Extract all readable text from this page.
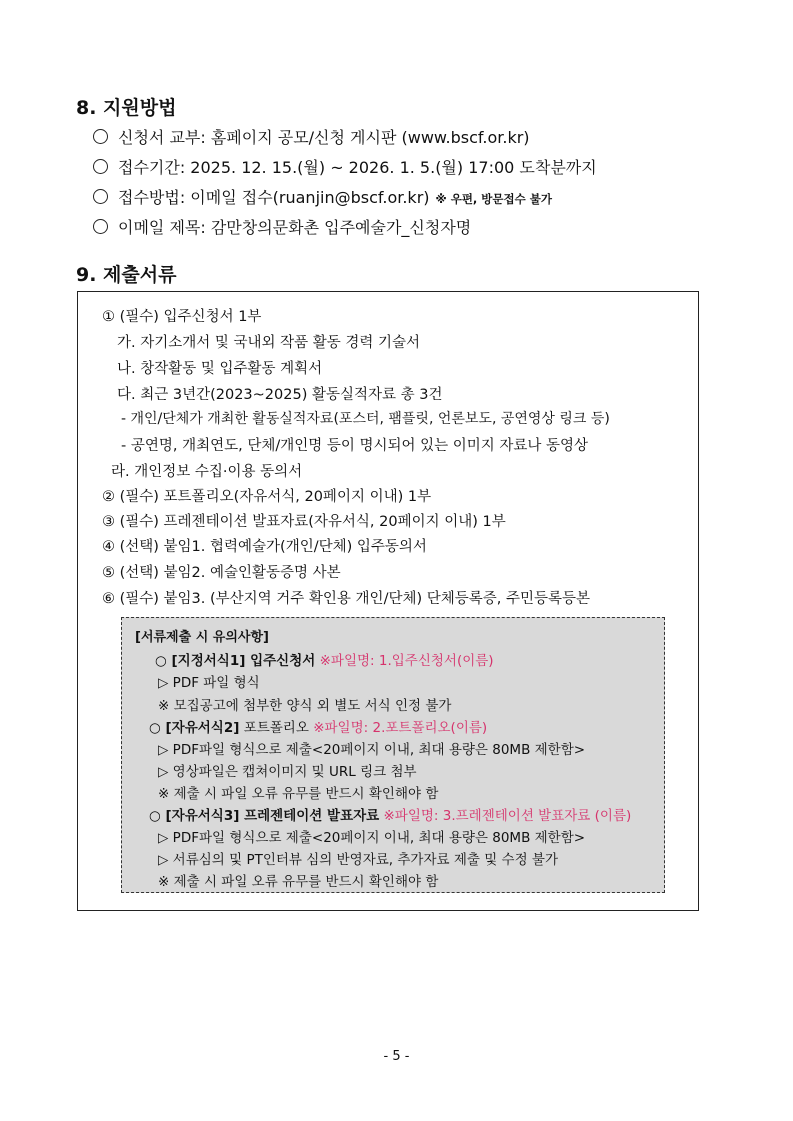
8. 지원방법
신청서 교부: 홈페이지 공모/신청 게시판 (www.bscf.or.kr)
접수기간: 2025. 12. 15.(월) ~ 2026. 1. 5.(월) 17:00 도착분까지
접수방법: 이메일 접수(ruanjin@bscf.or.kr) ※ 우편, 방문접수 불가
이메일 제목: 감만창의문화촌 입주예술가_신청자명
9. 제출서류
① (필수) 입주신청서 1부
가. 자기소개서 및 국내외 작품 활동 경력 기술서
나. 창작활동 및 입주활동 계획서
다. 최근 3년간(2023~2025) 활동실적자료 총 3건
- 개인/단체가 개최한 활동실적자료(포스터, 팸플릿, 언론보도, 공연영상 링크 등)
- 공연명, 개최연도, 단체/개인명 등이 명시되어 있는 이미지 자료나 동영상
라. 개인정보 수집·이용 동의서
② (필수) 포트폴리오(자유서식, 20페이지 이내) 1부
③ (필수) 프레젠테이션 발표자료(자유서식, 20페이지 이내) 1부
④ (선택) 붙임1. 협력예술가(개인/단체) 입주동의서
⑤ (선택) 붙임2. 예술인활동증명 사본
⑥ (필수) 붙임3. (부산지역 거주 확인용 개인/단체) 단체등록증, 주민등록등본
[서류제출 시 유의사항]
○ [지정서식1] 입주신청서 ※파일명: 1.입주신청서(이름)
▷ PDF 파일 형식
※ 모집공고에 첨부한 양식 외 별도 서식 인정 불가
○ [자유서식2] 포트폴리오 ※파일명: 2.포트폴리오(이름)
▷ PDF파일 형식으로 제출<20페이지 이내, 최대 용량은 80MB 제한함>
▷ 영상파일은 캡쳐이미지 및 URL 링크 첨부
※ 제출 시 파일 오류 유무를 반드시 확인해야 함
○ [자유서식3] 프레젠테이션 발표자료 ※파일명: 3.프레젠테이션 발표자료 (이름)
▷ PDF파일 형식으로 제출<20페이지 이내, 최대 용량은 80MB 제한함>
▷ 서류심의 및 PT인터뷰 심의 반영자료, 추가자료 제출 및 수정 불가
※ 제출 시 파일 오류 유무를 반드시 확인해야 함
- 5 -
